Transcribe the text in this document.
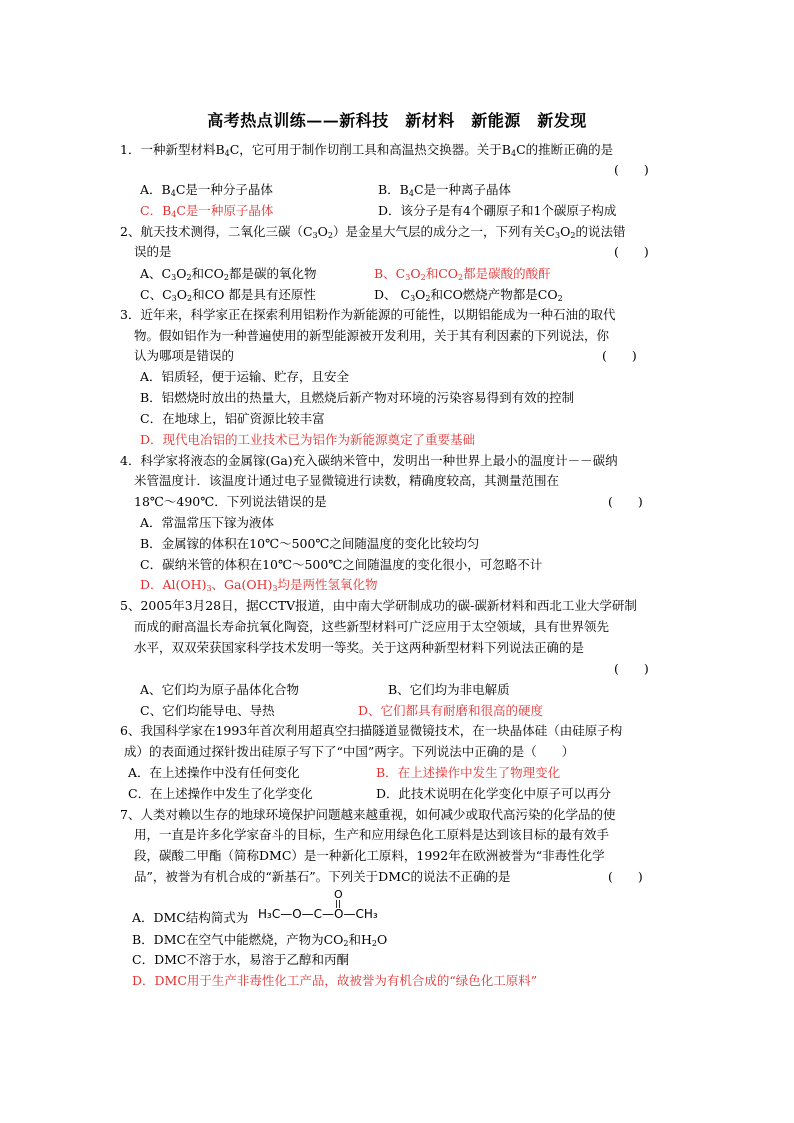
高考热点训练——新科技　新材料　新能源　新发现
1．一种新型材料$B_4C$，它可用于制作切削工具和高温热交换器。关于$B_4C$的推断正确的是
(　　)
A．$B_4C$是一种分子晶体	B．$B_4C$是一种离子晶体
C．$B_4C$是一种原子晶体	D．该分子是有4个硼原子和1个碳原子构成
2、航天技术测得，二氧化三碳$(C_3O_2)$是金星大气层的成分之一，下列有关$C_3O_2$的说法错
误的是	(　　)
A、$C_3O_2$和$CO_2$都是碳的氧化物	B、$C_3O_2$和$CO_2$都是碳酸的酸酐
C、$C_3O_2$和CO 都是具有还原性	D、 $C_3O_2$和CO燃烧产物都是$CO_2$
3．近年来，科学家正在探索利用铝粉作为新能源的可能性，以期铝能成为一种石油的取代
物。假如铝作为一种普遍使用的新型能源被开发利用，关于其有利因素的下列说法，你
认为哪项是错误的	(　　)
A．铝质轻，便于运输、贮存，且安全
B．铝燃烧时放出的热量大，且燃烧后新产物对环境的污染容易得到有效的控制
C．在地球上，铝矿资源比较丰富
D．现代电冶铝的工业技术已为铝作为新能源奠定了重要基础
4．科学家将液态的金属镓(Ga)充入碳纳米管中，发明出一种世界上最小的温度计－－碳纳
米管温度计．该温度计通过电子显微镜进行读数，精确度较高，其测量范围在
18℃～490℃．下列说法错误的是	(　　)
A．常温常压下镓为液体
B．金属镓的体积在10℃～500℃之间随温度的变化比较均匀
C．碳纳米管的体积在10℃～500℃之间随温度的变化很小，可忽略不计
D．$Al(OH)_3$、$Ga(OH)_3$均是两性氢氧化物
5、2005年3月28日，据CCTV报道，由中南大学研制成功的碳-碳新材料和西北工业大学研制
而成的耐高温长寿命抗氧化陶瓷，这些新型材料可广泛应用于太空领域，具有世界领先
水平，双双荣获国家科学技术发明一等奖。关于这两种新型材料下列说法正确的是
(　　)
A、它们均为原子晶体化合物	B、它们均为非电解质
C、它们均能导电、导热	D、它们都具有耐磨和很高的硬度
6、我国科学家在1993年首次利用超真空扫描隧道显微镜技术，在一块晶体硅（由硅原子构
成）的表面通过探针拨出硅原子写下了“中国”两字。下列说法中正确的是（　　）
A．在上述操作中没有任何变化	B．在上述操作中发生了物理变化
C．在上述操作中发生了化学变化	D．此技术说明在化学变化中原子可以再分
7、人类对赖以生存的地球环境保护问题越来越重视，如何减少或取代高污染的化学品的使
用，一直是许多化学家奋斗的目标，生产和应用绿色化工原料是达到该目标的最有效手
段，碳酸二甲酯（简称DMC）是一种新化工原料，1992年在欧洲被誉为“非毒性化学
品”，被誉为有机合成的“新基石”。下列关于DMC的说法不正确的是	(　　)
A．DMC结构简式为
O
H₃C—O—C—O—CH₃
B．DMC在空气中能燃烧，产物为$CO_2$和$H_2O$
C．DMC不溶于水，易溶于乙醇和丙酮
D．DMC用于生产非毒性化工产品，故被誉为有机合成的“绿色化工原料”
